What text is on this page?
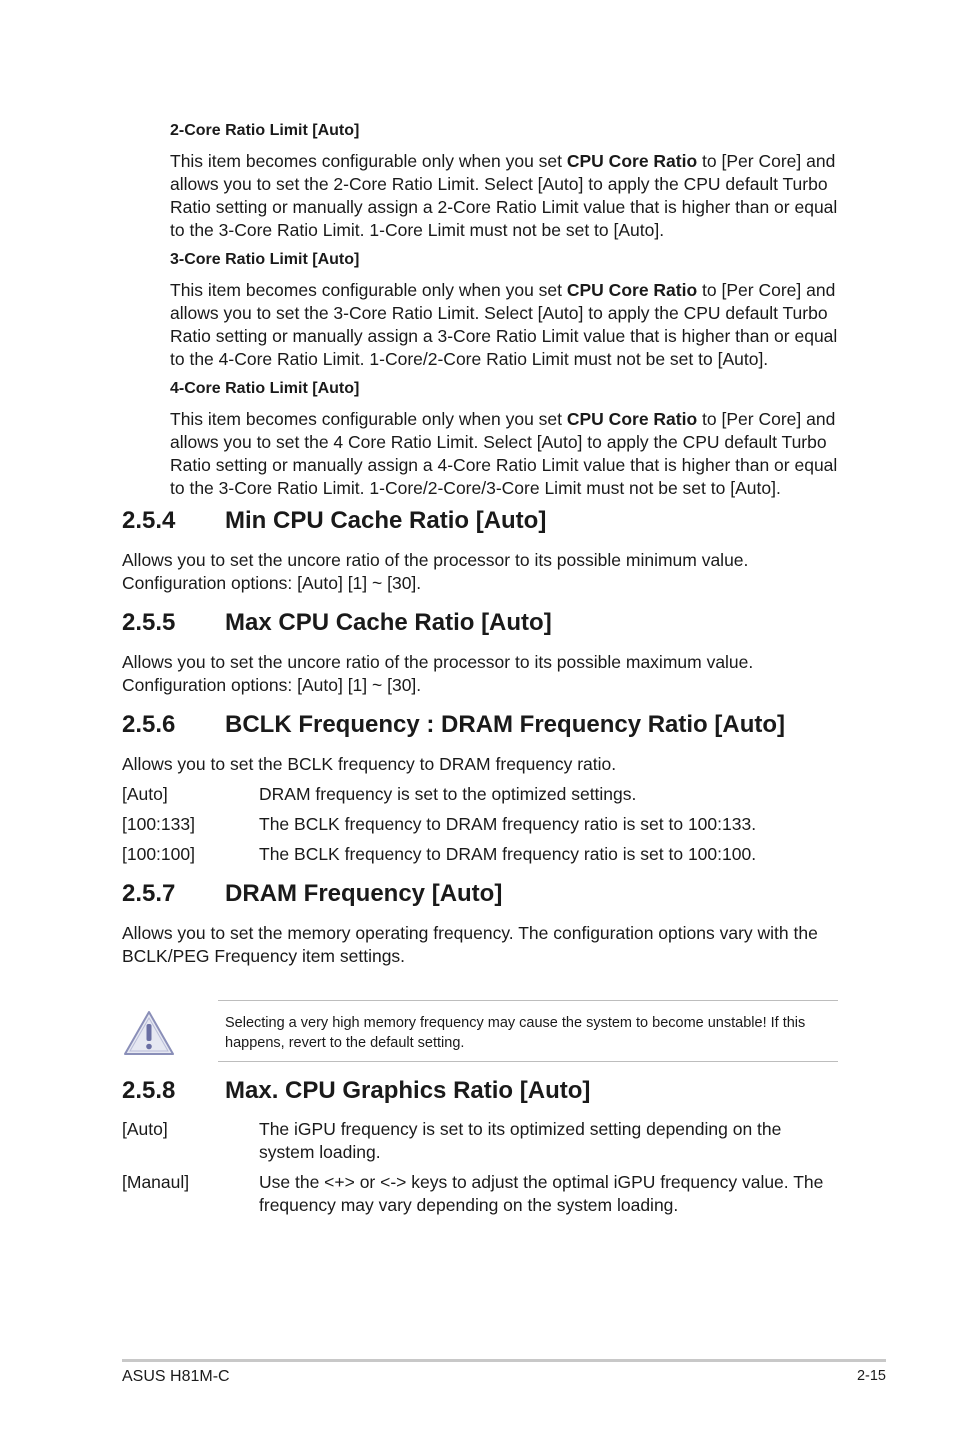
2-Core Ratio Limit [Auto]

This item becomes configurable only when you set CPU Core Ratio to [Per Core] and allows you to set the 2-Core Ratio Limit. Select [Auto] to apply the CPU default Turbo Ratio setting or manually assign a 2-Core Ratio Limit value that is higher than or equal to the 3-Core Ratio Limit. 1-Core Limit must not be set to [Auto].

3-Core Ratio Limit [Auto]

This item becomes configurable only when you set CPU Core Ratio to [Per Core] and allows you to set the 3-Core Ratio Limit. Select [Auto] to apply the CPU default Turbo Ratio setting or manually assign a 3-Core Ratio Limit value that is higher than or equal to the 4-Core Ratio Limit. 1-Core/2-Core Ratio Limit must not be set to [Auto].

4-Core Ratio Limit [Auto]

This item becomes configurable only when you set CPU Core Ratio to [Per Core] and allows you to set the 4 Core Ratio Limit. Select [Auto] to apply the CPU default Turbo Ratio setting or manually assign a 4-Core Ratio Limit value that is higher than or equal to the 3-Core Ratio Limit. 1-Core/2-Core/3-Core Limit must not be set to [Auto].

2.5.4 Min CPU Cache Ratio [Auto]
Allows you to set the uncore ratio of the processor to its possible minimum value.
Configuration options: [Auto] [1] ~ [30].
2.5.5 Max CPU Cache Ratio [Auto]
Allows you to set the uncore ratio of the processor to its possible maximum value.
Configuration options: [Auto] [1] ~ [30].
2.5.6 BCLK Frequency : DRAM Frequency Ratio [Auto]
Allows you to set the BCLK frequency to DRAM frequency ratio.
[Auto]	DRAM frequency is set to the optimized settings.
[100:133]	The BCLK frequency to DRAM frequency ratio is set to 100:133.
[100:100]	The BCLK frequency to DRAM frequency ratio is set to 100:100.
2.5.7 DRAM Frequency [Auto]
Allows you to set the memory operating frequency. The configuration options vary with the BCLK/PEG Frequency item settings.
Selecting a very high memory frequency may cause the system to become unstable! If this happens, revert to the default setting.
2.5.8 Max. CPU Graphics Ratio [Auto]
[Auto]	The iGPU frequency is set to its optimized setting depending on the system loading.
[Manaul]	Use the <+> or <-> keys to adjust the optimal iGPU frequency value. The frequency may vary depending on the system loading.
ASUS H81M-C	2-15
